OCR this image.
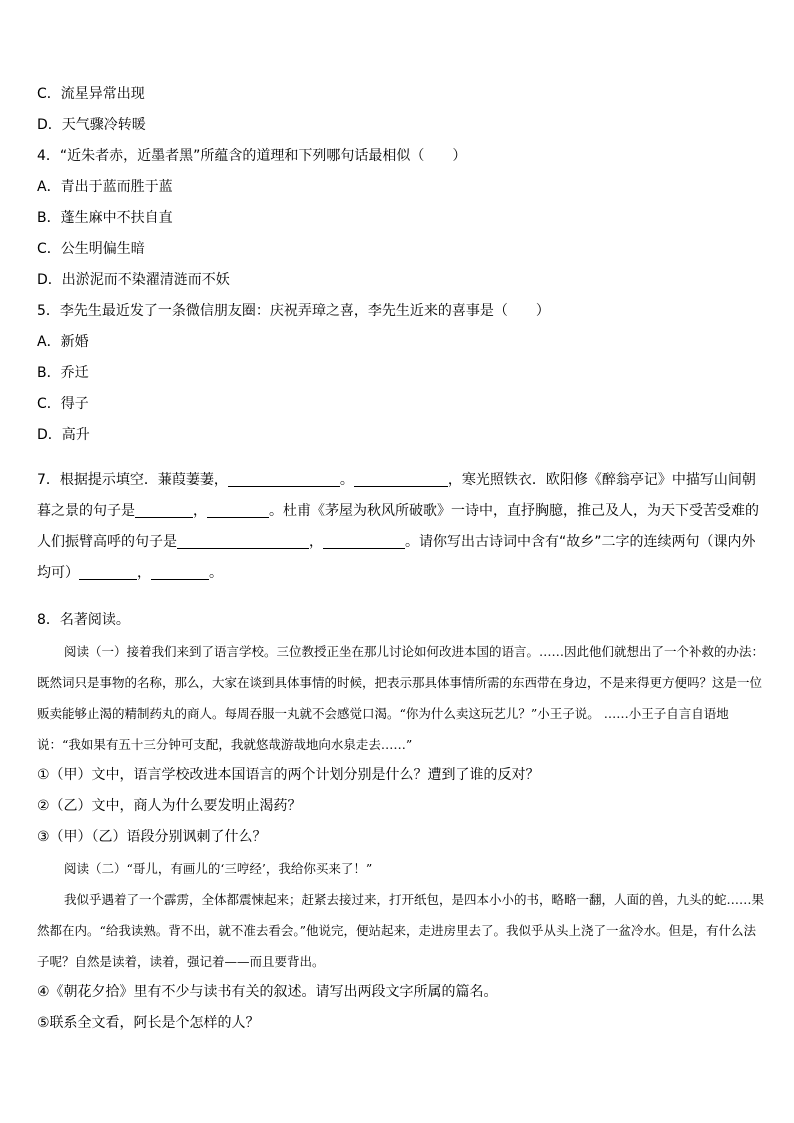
C．流星异常出现
D．天气骤冷转暖
4．“近朱者赤，近墨者黑”所蕴含的道理和下列哪句话最相似（　　）
A．青出于蓝而胜于蓝
B．蓬生麻中不扶自直
C．公生明偏生暗
D．出淤泥而不染濯清涟而不妖
5．李先生最近发了一条微信朋友圈：庆祝弄璋之喜，李先生近来的喜事是（　　）
A．新婚
B．乔迁
C．得子
D．高升
7．根据提示填空．蒹葭萋萋，	。	，寒光照铁衣．欧阳修《醉翁亭记》中描写山间朝暮之景的句子是	，	。杜甫《茅屋为秋风所破歌》一诗中，直抒胸臆，推己及人，为天下受苦受难的人们振臂高呼的句子是	，	。请你写出古诗词中含有“故乡”二字的连续两句（课内外均可）	，	。
8．名著阅读。
阅读（一）接着我们来到了语言学校。三位教授正坐在那儿讨论如何改进本国的语言。……因此他们就想出了一个补救的办法：既然词只是事物的名称，那么，大家在谈到具体事情的时候，把表示那具体事情所需的东西带在身边，不是来得更方便吗？这是一位贩卖能够止渴的精制药丸的商人。每周吞服一丸就不会感觉口渴。“你为什么卖这玩艺儿？”小王子说。 ……小王子自言自语地说：“我如果有五十三分钟可支配，我就悠哉游哉地向水泉走去……”
①（甲）文中，语言学校改进本国语言的两个计划分别是什么？遭到了谁的反对？
②（乙）文中，商人为什么要发明止渴药？
③（甲）（乙）语段分别讽刺了什么？
阅读（二）“哥儿，有画儿的‘三哼经’，我给你买来了！”
我似乎遇着了一个霹雳，全体都震悚起来；赶紧去接过来，打开纸包，是四本小小的书，略略一翻，人面的兽，九头的蛇……果然都在内。“给我读熟。背不出，就不准去看会。”他说完，便站起来，走进房里去了。我似乎从头上浇了一盆冷水。但是，有什么法子呢？自然是读着，读着，强记着——而且要背出。
④《朝花夕拾》里有不少与读书有关的叙述。请写出两段文字所属的篇名。
⑤联系全文看，阿长是个怎样的人？
